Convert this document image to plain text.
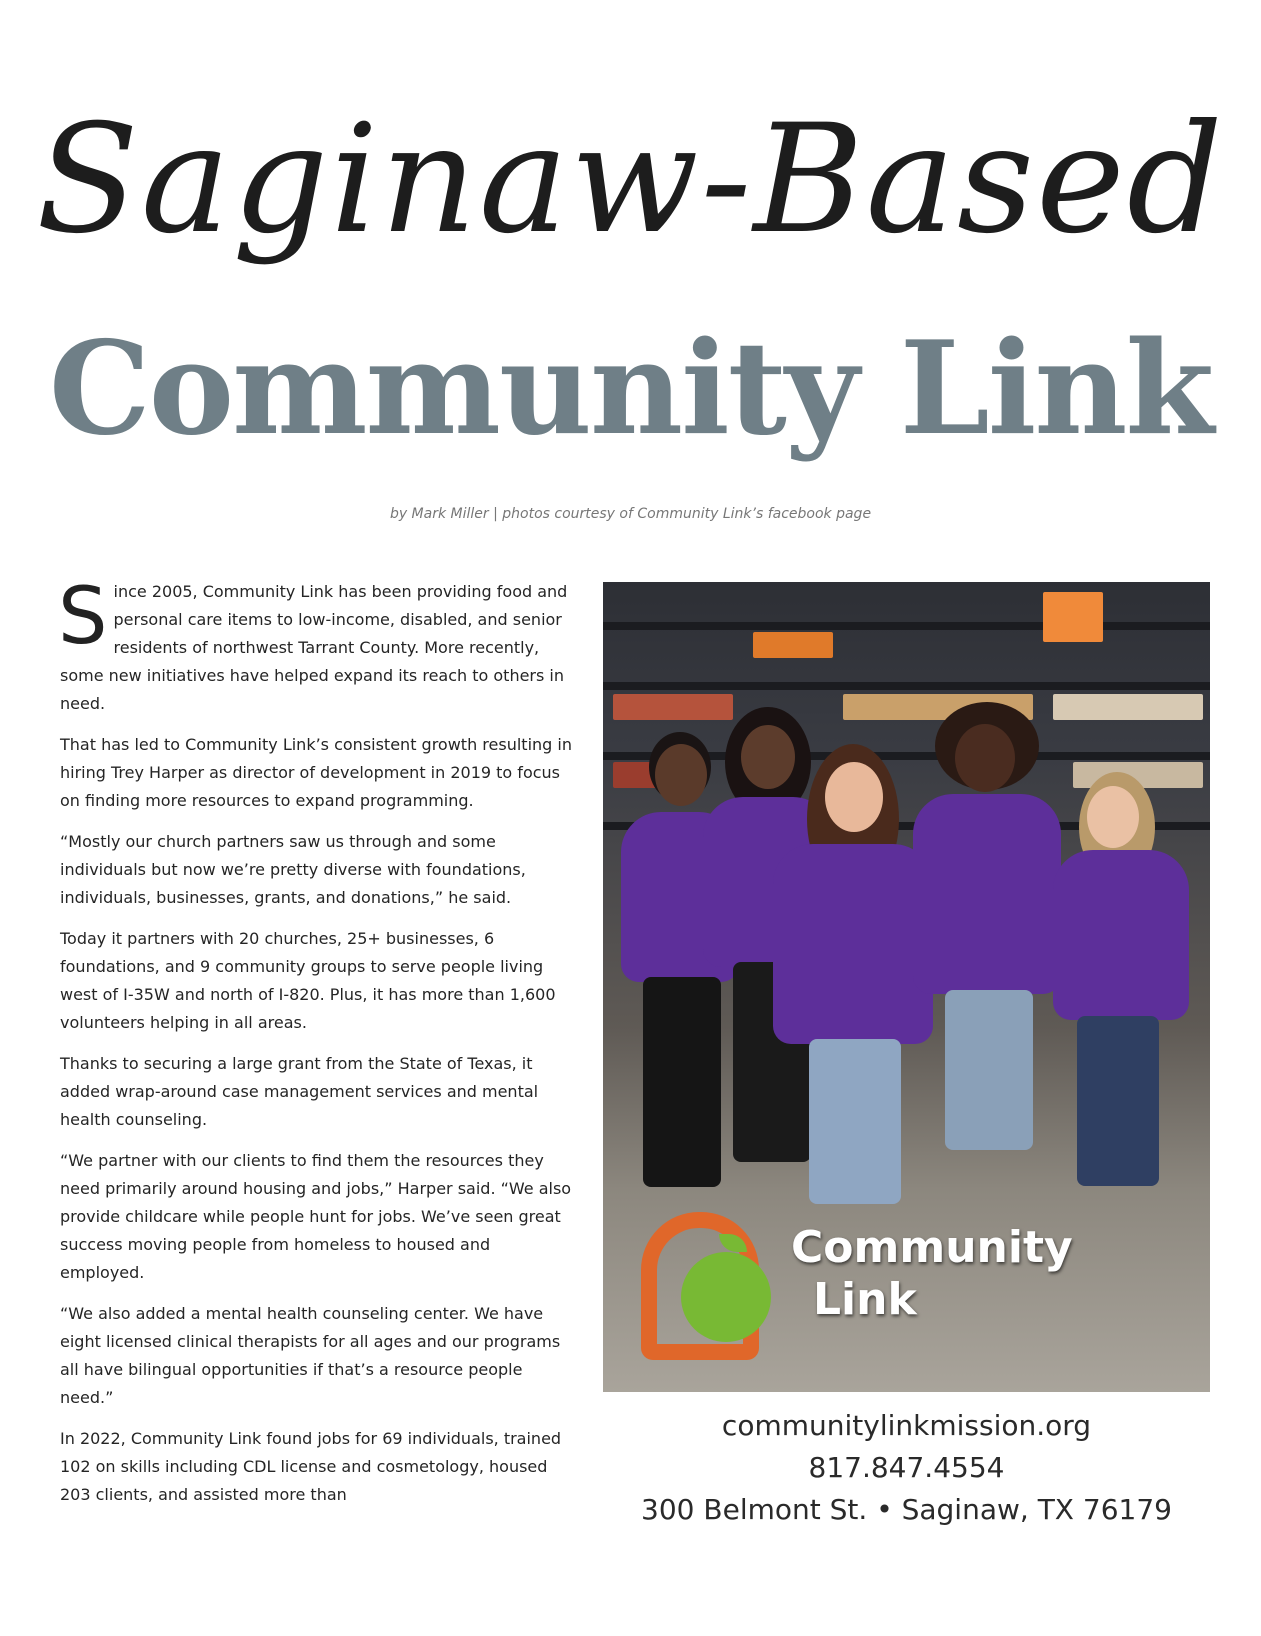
Saginaw-Based
Community Link
by Mark Miller | photos courtesy of Community Link’s facebook page

Since 2005, Community Link has been providing food and personal care items to low-income, disabled, and senior residents of northwest Tarrant County. More recently, some new initiatives have helped expand its reach to others in need.

That has led to Community Link’s consistent growth resulting in hiring Trey Harper as director of development in 2019 to focus on finding more resources to expand programming.

“Mostly our church partners saw us through and some individuals but now we’re pretty diverse with foundations, individuals, businesses, grants, and donations,” he said.

Today it partners with 20 churches, 25+ businesses, 6 foundations, and 9 community groups to serve people living west of I-35W and north of I-820. Plus, it has more than 1,600 volunteers helping in all areas.

Thanks to securing a large grant from the State of Texas, it added wrap-around case management services and mental health counseling.

“We partner with our clients to find them the resources they need primarily around housing and jobs,” Harper said. “We also provide childcare while people hunt for jobs. We’ve seen great success moving people from homeless to housed and employed.

“We also added a mental health counseling center. We have eight licensed clinical therapists for all ages and our programs all have bilingual opportunities if that’s a resource people need.”

In 2022, Community Link found jobs for 69 individuals, trained 102 on skills including CDL license and cosmetology, housed 203 clients, and assisted more than

Community
Link
communitylinkmission.org
817.847.4554
300 Belmont St. • Saginaw, TX 76179
